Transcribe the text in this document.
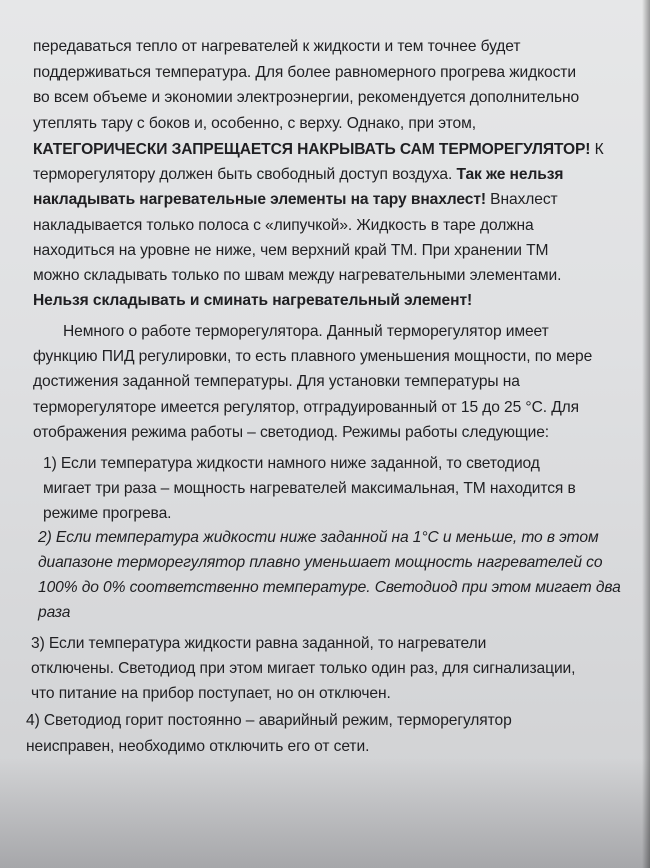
передаваться тепло от нагревателей к жидкости и тем точнее будет
поддерживаться температура. Для более равномерного прогрева жидкости
во всем объеме и экономии электроэнергии, рекомендуется дополнительно
утеплять тару с боков и, особенно, с верху. Однако, при этом,
КАТЕГОРИЧЕСКИ ЗАПРЕЩАЕТСЯ НАКРЫВАТЬ САМ ТЕРМОРЕГУЛЯТОР! К
терморегулятору должен быть свободный доступ воздуха. Так же нельзя
накладывать нагревательные элементы на тару внахлест! Внахлест
накладывается только полоса с «липучкой». Жидкость в таре должна
находиться на уровне не ниже, чем верхний край ТМ. При хранении ТМ
можно складывать только по швам между нагревательными элементами.
Нельзя складывать и сминать нагревательный элемент!
Немного о работе терморегулятора. Данный терморегулятор имеет
функцию ПИД регулировки, то есть плавного уменьшения мощности, по мере
достижения заданной температуры. Для установки температуры на
терморегуляторе имеется регулятор, отградуированный от 15 до 25 °С. Для
отображения режима работы – светодиод. Режимы работы следующие:
1) Если температура жидкости намного ниже заданной, то светодиод
мигает три раза – мощность нагревателей максимальная, ТМ находится в
режиме прогрева.
2) Если температура жидкости ниже заданной на 1°С и меньше, то в этом
диапазоне терморегулятор плавно уменьшает мощность нагревателей со
100% до 0% соответственно температуре. Светодиод при этом мигает два
раза
3) Если температура жидкости равна заданной, то нагреватели
отключены. Светодиод при этом мигает только один раз, для сигнализации,
что питание на прибор поступает, но он отключен.
4) Светодиод горит постоянно – аварийный режим, терморегулятор
неисправен, необходимо отключить его от сети.
